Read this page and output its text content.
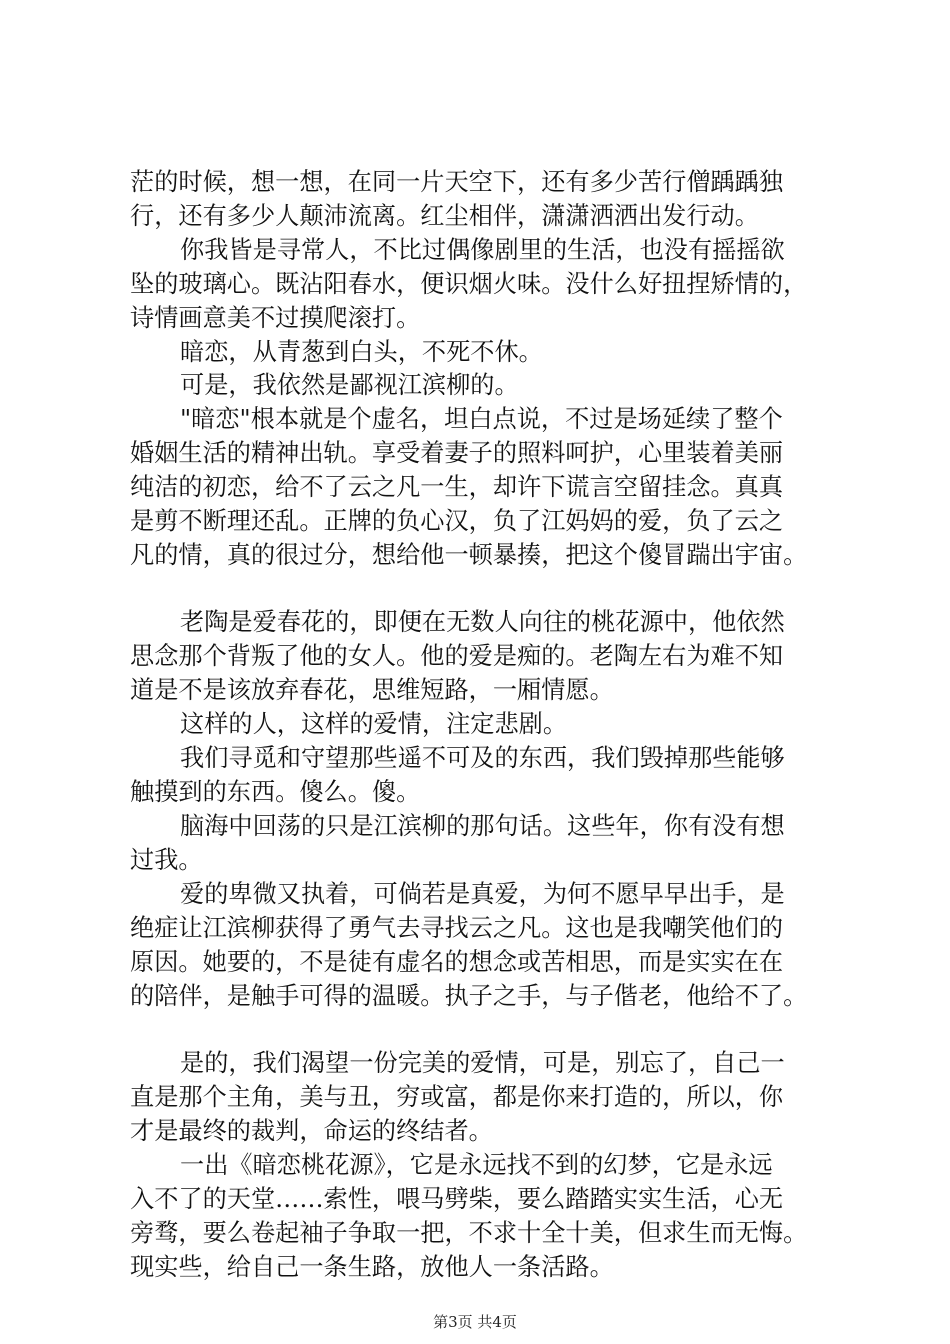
茫的时候，想一想，在同一片天空下，还有多少苦行僧踽踽独
行，还有多少人颠沛流离。红尘相伴，潇潇洒洒出发行动。
你我皆是寻常人，不比过偶像剧里的生活，也没有摇摇欲
坠的玻璃心。既沾阳春水，便识烟火味。没什么好扭捏矫情的，
诗情画意美不过摸爬滚打。
暗恋，从青葱到白头，不死不休。
可是，我依然是鄙视江滨柳的。
"暗恋"根本就是个虚名，坦白点说，不过是场延续了整个
婚姻生活的精神出轨。享受着妻子的照料呵护，心里装着美丽
纯洁的初恋，给不了云之凡一生，却许下谎言空留挂念。真真
是剪不断理还乱。正牌的负心汉，负了江妈妈的爱，负了云之
凡的情，真的很过分，想给他一顿暴揍，把这个傻冒踹出宇宙。
老陶是爱春花的，即便在无数人向往的桃花源中，他依然
思念那个背叛了他的女人。他的爱是痴的。老陶左右为难不知
道是不是该放弃春花，思维短路，一厢情愿。
这样的人，这样的爱情，注定悲剧。
我们寻觅和守望那些遥不可及的东西，我们毁掉那些能够
触摸到的东西。傻么。傻。
脑海中回荡的只是江滨柳的那句话。这些年，你有没有想
过我。
爱的卑微又执着，可倘若是真爱，为何不愿早早出手，是
绝症让江滨柳获得了勇气去寻找云之凡。这也是我嘲笑他们的
原因。她要的，不是徒有虚名的想念或苦相思，而是实实在在
的陪伴，是触手可得的温暖。执子之手，与子偕老，他给不了。
是的，我们渴望一份完美的爱情，可是，别忘了，自己一
直是那个主角，美与丑，穷或富，都是你来打造的，所以，你
才是最终的裁判，命运的终结者。
一出《暗恋桃花源》，它是永远找不到的幻梦，它是永远
入不了的天堂……索性，喂马劈柴，要么踏踏实实生活，心无
旁骛，要么卷起袖子争取一把，不求十全十美，但求生而无悔。
现实些，给自己一条生路，放他人一条活路。
第3页 共4页
